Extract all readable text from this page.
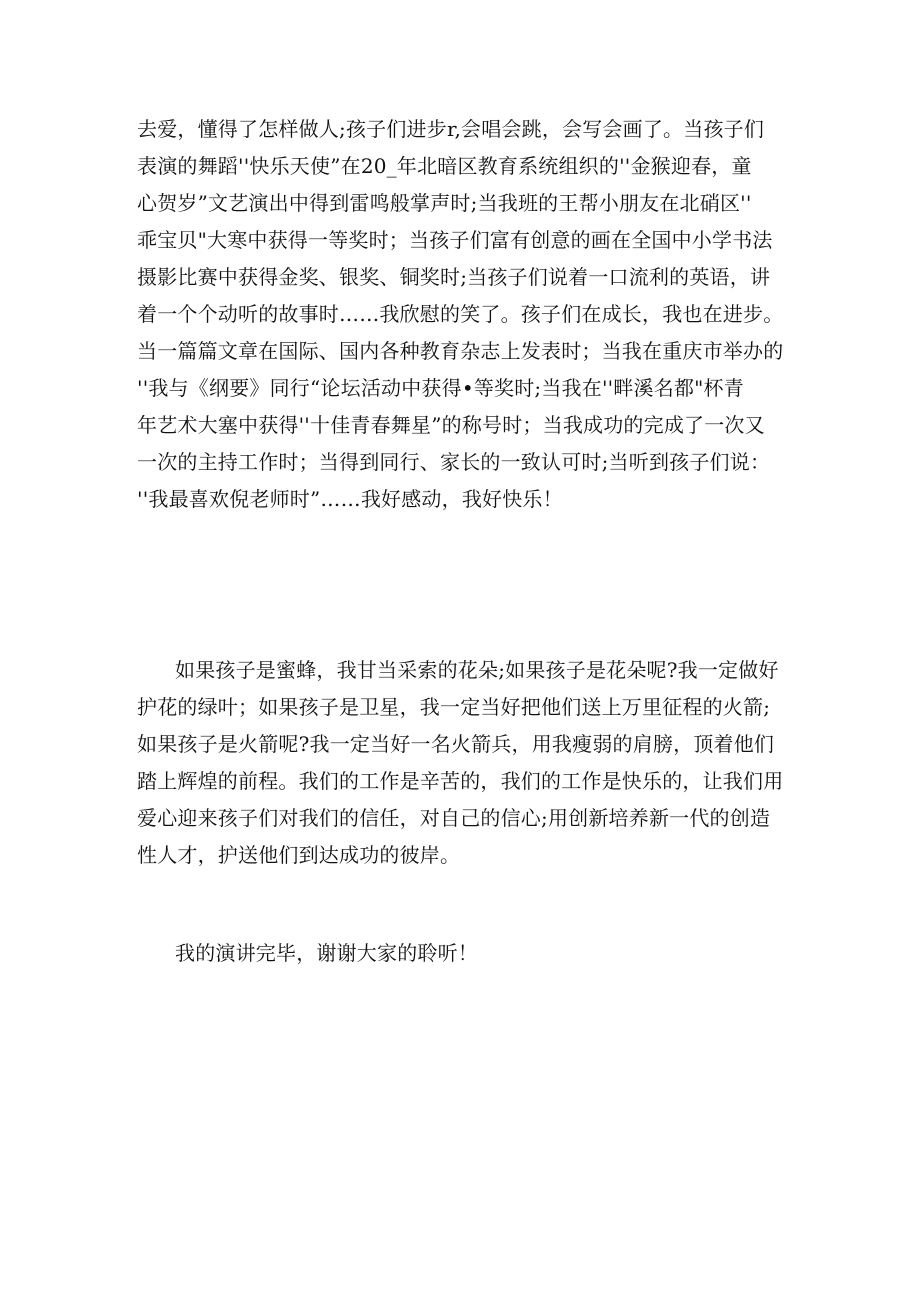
去爱，懂得了怎样做人;孩子们进步r,会唱会跳，会写会画了。当孩子们
表演的舞蹈''快乐天使”在20_年北暗区教育系统组织的''金猴迎春，童
心贺岁”文艺演出中得到雷鸣般掌声时;当我班的王帮小朋友在北硝区''
乖宝贝"大寒中获得一等奖时；当孩子们富有创意的画在全国中小学书法
摄影比赛中获得金奖、银奖、铜奖时;当孩子们说着一口流利的英语，讲
着一个个动听的故事时……我欣慰的笑了。孩子们在成长，我也在进步。
当一篇篇文章在国际、国内各种教育杂志上发表时；当我在重庆市举办的
''我与《纲要》同行“论坛活动中获得•等奖时;当我在''畔溪名都"杯青
年艺术大塞中获得''十佳青春舞星”的称号时；当我成功的完成了一次又
一次的主持工作时；当得到同行、家长的一致认可时;当听到孩子们说：
''我最喜欢倪老师时”……我好感动，我好快乐！
如果孩子是蜜蜂，我甘当采索的花朵;如果孩子是花朵呢?我一定做好
护花的绿叶；如果孩子是卫星，我一定当好把他们送上万里征程的火箭;
如果孩子是火箭呢?我一定当好一名火箭兵，用我瘦弱的肩膀，顶着他们
踏上辉煌的前程。我们的工作是辛苦的，我们的工作是快乐的，让我们用
爱心迎来孩子们对我们的信任，对自己的信心;用创新培养新一代的创造
性人才，护送他们到达成功的彼岸。
我的演讲完毕，谢谢大家的聆听！
